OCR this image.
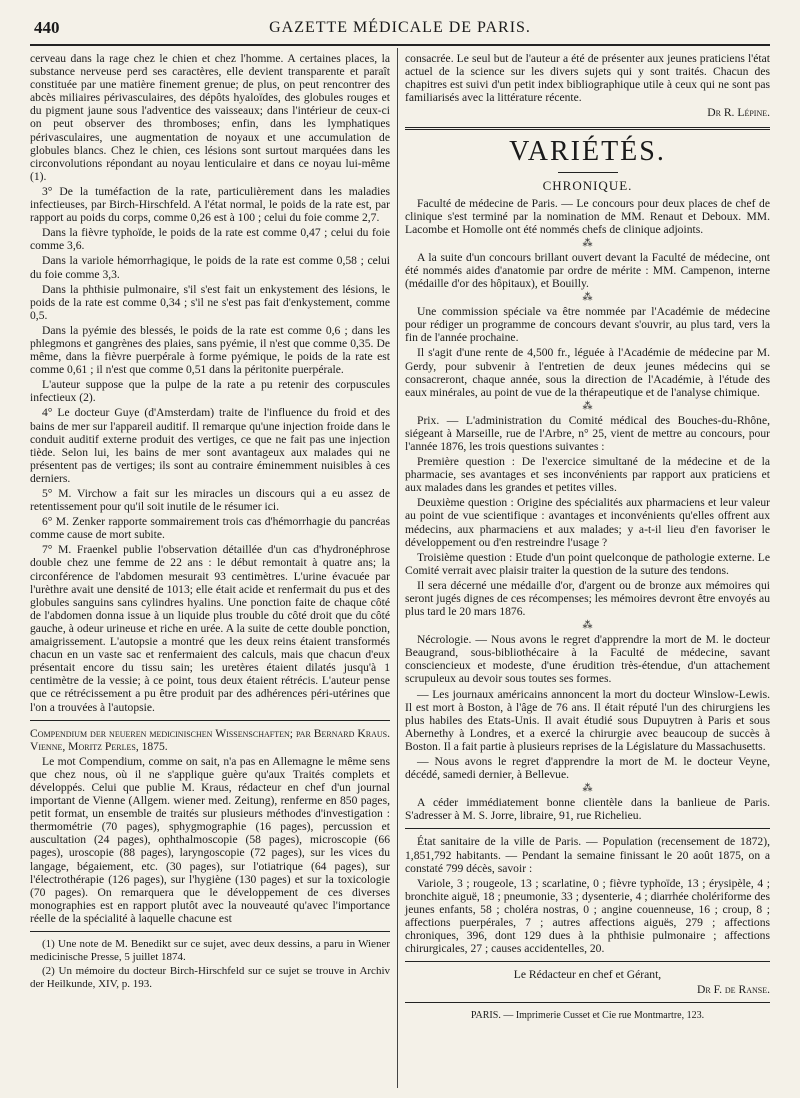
440	GAZETTE MÉDICALE DE PARIS.

cerveau dans la rage chez le chien et chez l'homme. A certaines places, la substance nerveuse perd ses caractères, elle devient transparente et paraît constituée par une matière finement grenue; de plus, on peut rencontrer des abcès miliaires périvasculaires, des dépôts hyaloïdes, des globules rouges et du pigment jaune sous l'adventice des vaisseaux; dans l'intérieur de ceux-ci on peut observer des thromboses; enfin, dans les lymphatiques périvasculaires, une augmentation de noyaux et une accumulation de globules blancs. Chez le chien, ces lésions sont surtout marquées dans les circonvolutions répondant au noyau lenticulaire et dans ce noyau lui-même (1).

3° De la tuméfaction de la rate, particulièrement dans les maladies infectieuses, par Birch-Hirschfeld. A l'état normal, le poids de la rate est, par rapport au poids du corps, comme 0,26 est à 100 ; celui du foie comme 2,7.

Dans la fièvre typhoïde, le poids de la rate est comme 0,47 ; celui du foie comme 3,6.

Dans la variole hémorrhagique, le poids de la rate est comme 0,58 ; celui du foie comme 3,3.

Dans la phthisie pulmonaire, s'il s'est fait un enkystement des lésions, le poids de la rate est comme 0,34 ; s'il ne s'est pas fait d'enkystement, comme 0,5.

Dans la pyémie des blessés, le poids de la rate est comme 0,6 ; dans les phlegmons et gangrènes des plaies, sans pyémie, il n'est que comme 0,35. De même, dans la fièvre puerpérale à forme pyémique, le poids de la rate est comme 0,61 ; il n'est que comme 0,51 dans la péritonite puerpérale.

L'auteur suppose que la pulpe de la rate a pu retenir des corpuscules infectieux (2).

4° Le docteur Guye (d'Amsterdam) traite de l'influence du froid et des bains de mer sur l'appareil auditif. Il remarque qu'une injection froide dans le conduit auditif externe produit des vertiges, ce que ne fait pas une injection tiède. Selon lui, les bains de mer sont avantageux aux malades qui ne présentent pas de vertiges; ils sont au contraire éminemment nuisibles à ces derniers.

5° M. Virchow a fait sur les miracles un discours qui a eu assez de retentissement pour qu'il soit inutile de le résumer ici.

6° M. Zenker rapporte sommairement trois cas d'hémorrhagie du pancréas comme cause de mort subite.

7° M. Fraenkel publie l'observation détaillée d'un cas d'hydronéphrose double chez une femme de 22 ans : le début remontait à quatre ans; la circonférence de l'abdomen mesurait 93 centimètres. L'urine évacuée par l'urèthre avait une densité de 1013; elle était acide et renfermait du pus et des globules sanguins sans cylindres hyalins. Une ponction faite de chaque côté de l'abdomen donna issue à un liquide plus trouble du côté droit que du côté gauche, à odeur urineuse et riche en urée. A la suite de cette double ponction, amaigrissement. L'autopsie a montré que les deux reins étaient transformés chacun en un vaste sac et renfermaient des calculs, mais que chacun d'eux présentait encore du tissu sain; les uretères étaient dilatés jusqu'à 1 centimètre de la vessie; à ce point, tous deux étaient rétrécis. L'auteur pense que ce rétrécissement a pu être produit par des adhérences péri-utérines que l'on a trouvées à l'autopsie.

Compendium der neueren medicinischen Wissenschaften; par Bernard Kraus. Vienne, Moritz Perles, 1875.

Le mot Compendium, comme on sait, n'a pas en Allemagne le même sens que chez nous, où il ne s'applique guère qu'aux Traités complets et développés. Celui que publie M. Kraus, rédacteur en chef d'un journal important de Vienne (Allgem. wiener med. Zeitung), renferme en 850 pages, petit format, un ensemble de traités sur plusieurs méthodes d'investigation : thermométrie (70 pages), sphygmographie (16 pages), percussion et auscultation (24 pages), ophthalmoscopie (58 pages), microscopie (66 pages), uroscopie (88 pages), laryngoscopie (72 pages), sur les vices du langage, bégaiement, etc. (30 pages), sur l'otiatrique (64 pages), sur l'électrothérapie (126 pages), sur l'hygiène (130 pages) et sur la toxicologie (70 pages). On remarquera que le développement de ces diverses monographies est en rapport plutôt avec la nouveauté qu'avec l'importance réelle de la spécialité à laquelle chacune est

(1) Une note de M. Benedikt sur ce sujet, avec deux dessins, a paru in Wiener medicinische Presse, 5 juillet 1874.

(2) Un mémoire du docteur Birch-Hirschfeld sur ce sujet se trouve in Archiv der Heilkunde, XIV, p. 193.

consacrée. Le seul but de l'auteur a été de présenter aux jeunes praticiens l'état actuel de la science sur les divers sujets qui y sont traités. Chacun des chapitres est suivi d'un petit index bibliographique utile à ceux qui ne sont pas familiarisés avec la littérature récente.

Dr R. Lépine.

VARIÉTÉS.
CHRONIQUE.

Faculté de médecine de Paris. — Le concours pour deux places de chef de clinique s'est terminé par la nomination de MM. Renaut et Deboux. MM. Lacombe et Homolle ont été nommés chefs de clinique adjoints.

⁂

A la suite d'un concours brillant ouvert devant la Faculté de médecine, ont été nommés aides d'anatomie par ordre de mérite : MM. Campenon, interne (médaille d'or des hôpitaux), et Bouilly.

⁂

Une commission spéciale va être nommée par l'Académie de médecine pour rédiger un programme de concours devant s'ouvrir, au plus tard, vers la fin de l'année prochaine.

Il s'agit d'une rente de 4,500 fr., léguée à l'Académie de médecine par M. Gerdy, pour subvenir à l'entretien de deux jeunes médecins qui se consacreront, chaque année, sous la direction de l'Académie, à l'étude des eaux minérales, au point de vue de la thérapeutique et de l'analyse chimique.

⁂

Prix. — L'administration du Comité médical des Bouches-du-Rhône, siégeant à Marseille, rue de l'Arbre, n° 25, vient de mettre au concours, pour l'année 1876, les trois questions suivantes :

Première question : De l'exercice simultané de la médecine et de la pharmacie, ses avantages et ses inconvénients par rapport aux praticiens et aux malades dans les grandes et petites villes.

Deuxième question : Origine des spécialités aux pharmaciens et leur valeur au point de vue scientifique : avantages et inconvénients qu'elles offrent aux médecins, aux pharmaciens et aux malades; y a-t-il lieu d'en favoriser le développement ou d'en restreindre l'usage ?

Troisième question : Etude d'un point quelconque de pathologie externe. Le Comité verrait avec plaisir traiter la question de la suture des tendons.

Il sera décerné une médaille d'or, d'argent ou de bronze aux mémoires qui seront jugés dignes de ces récompenses; les mémoires devront être envoyés au plus tard le 20 mars 1876.

⁂

Nécrologie. — Nous avons le regret d'apprendre la mort de M. le docteur Beaugrand, sous-bibliothécaire à la Faculté de médecine, savant consciencieux et modeste, d'une érudition très-étendue, d'un attachement scrupuleux au devoir sous toutes ses formes.

— Les journaux américains annoncent la mort du docteur Winslow-Lewis. Il est mort à Boston, à l'âge de 76 ans. Il était réputé l'un des chirurgiens les plus habiles des Etats-Unis. Il avait étudié sous Dupuytren à Paris et sous Abernethy à Londres, et a exercé la chirurgie avec beaucoup de succès à Boston. Il a fait partie à plusieurs reprises de la Législature du Massachusetts.

— Nous avons le regret d'apprendre la mort de M. le docteur Veyne, décédé, samedi dernier, à Bellevue.

⁂

A céder immédiatement bonne clientèle dans la banlieue de Paris. S'adresser à M. S. Jorre, libraire, 91, rue Richelieu.

État sanitaire de la ville de Paris. — Population (recensement de 1872), 1,851,792 habitants. — Pendant la semaine finissant le 20 août 1875, on a constaté 799 décès, savoir :

Variole, 3 ; rougeole, 13 ; scarlatine, 0 ; fièvre typhoïde, 13 ; érysipèle, 4 ; bronchite aiguë, 18 ; pneumonie, 33 ; dysenterie, 4 ; diarrhée cholériforme des jeunes enfants, 58 ; choléra nostras, 0 ; angine couenneuse, 16 ; croup, 8 ; affections puerpérales, 7 ; autres affections aiguës, 279 ; affections chroniques, 396, dont 129 dues à la phthisie pulmonaire ; affections chirurgicales, 27 ; causes accidentelles, 20.

Le Rédacteur en chef et Gérant,

Dr F. de Ranse.

PARIS. — Imprimerie Cusset et Cie rue Montmartre, 123.
